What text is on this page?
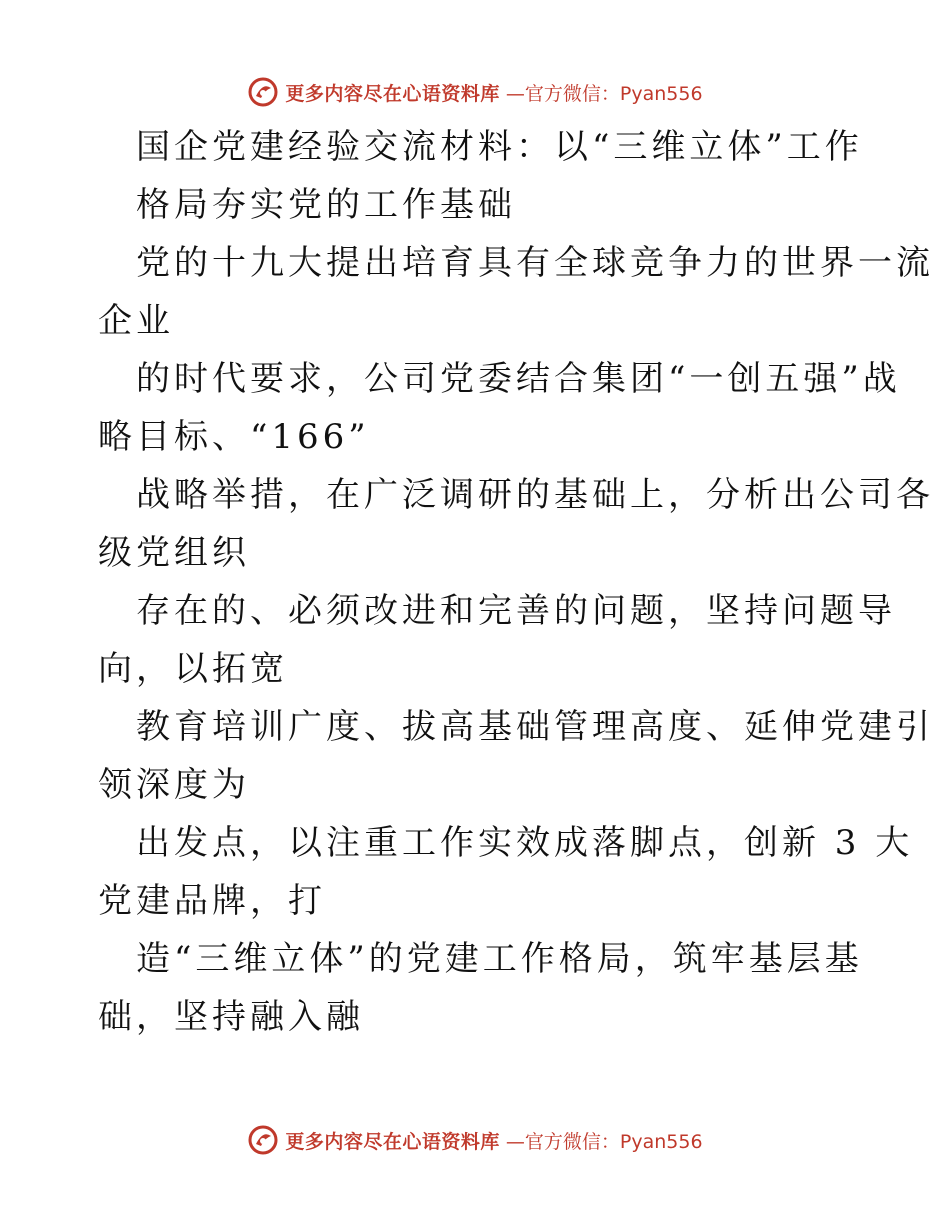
更多内容尽在心语资料库 —官方微信：Pyan556
国企党建经验交流材料：以“三维立体”工作
格局夯实党的工作基础
党的十九大提出培育具有全球竞争力的世界一流
企业
的时代要求，公司党委结合集团“一创五强”战
略目标、“166”
战略举措，在广泛调研的基础上，分析出公司各
级党组织
存在的、必须改进和完善的问题，坚持问题导
向，以拓宽
教育培训广度、拔高基础管理高度、延伸党建引
领深度为
出发点，以注重工作实效成落脚点，创新 3 大
党建品牌，打
造“三维立体”的党建工作格局，筑牢基层基
础，坚持融入融
更多内容尽在心语资料库 —官方微信：Pyan556
